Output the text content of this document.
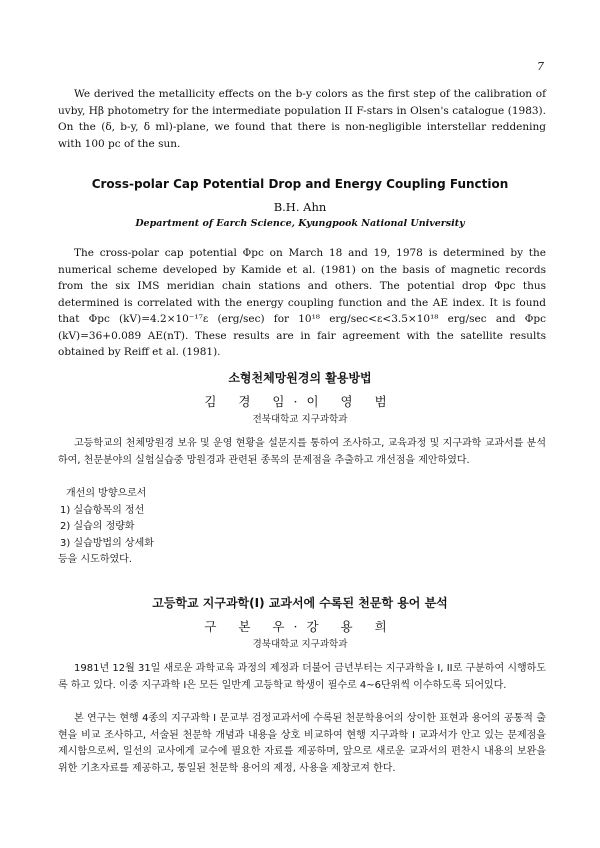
7

We derived the metallicity effects on the b-y colors as the first step of the calibration of uvby, Hβ photometry for the intermediate population II F-stars in Olsen's catalogue (1983). On the (δ, b-y, δ ml)-plane, we found that there is non-negligible interstellar reddening with 100 pc of the sun.

Cross-polar Cap Potential Drop and Energy Coupling Function

B.H. Ahn

Department of Earch Science, Kyungpook National University

The cross-polar cap potential Φpc on March 18 and 19, 1978 is determined by the numerical scheme developed by Kamide et al. (1981) on the basis of magnetic records from the six IMS meridian chain stations and others. The potential drop Φpc thus determined is correlated with the energy coupling function and the AE index. It is found that Φpc (kV)=4.2×10⁻¹⁷ε (erg/sec) for 10¹⁸ erg/sec<ε<3.5×10¹⁸ erg/sec and Φpc (kV)=36+0.089 AE(nT). These results are in fair agreement with the satellite results obtained by Reiff et al. (1981).

소형천체망원경의 활용방법

김 경 임·이 영 범

전북대학교 지구과학과

고등학교의 천체망원경 보유 및 운영 현황을 설문지를 통하여 조사하고, 교육과정 및 지구과학 교과서를 분석하여, 천문분야의 실험실습중 망원경과 관련된 종목의 문제점을 추출하고 개선점을 제안하였다.

개선의 방향으로서
1) 실습항목의 정선
2) 실습의 정량화
3) 실습방법의 상세화
등을 시도하였다.
고등학교 지구과학(I) 교과서에 수록된 천문학 용어 분석

구 본 우·강 용 희

경북대학교 지구과학과

1981년 12월 31일 새로운 과학교육 과정의 제정과 더불어 금년부터는 지구과학을 I, II로 구분하여 시행하도록 하고 있다. 이중 지구과학 I은 모든 일반계 고등학교 학생이 필수로 4~6단위씩 이수하도록 되어있다.

본 연구는 현행 4종의 지구과학 I 문교부 검정교과서에 수록된 천문학용어의 상이한 표현과 용어의 공통적 출현을 비교 조사하고, 서술된 천문학 개념과 내용을 상호 비교하여 현행 지구과학 I 교과서가 안고 있는 문제점을 제시함으로써, 일선의 교사에게 교수에 필요한 자료를 제공하며, 앞으로 새로운 교과서의 편찬시 내용의 보완을 위한 기초자료를 제공하고, 통일된 천문학 용어의 제정, 사용을 제창코져 한다.
